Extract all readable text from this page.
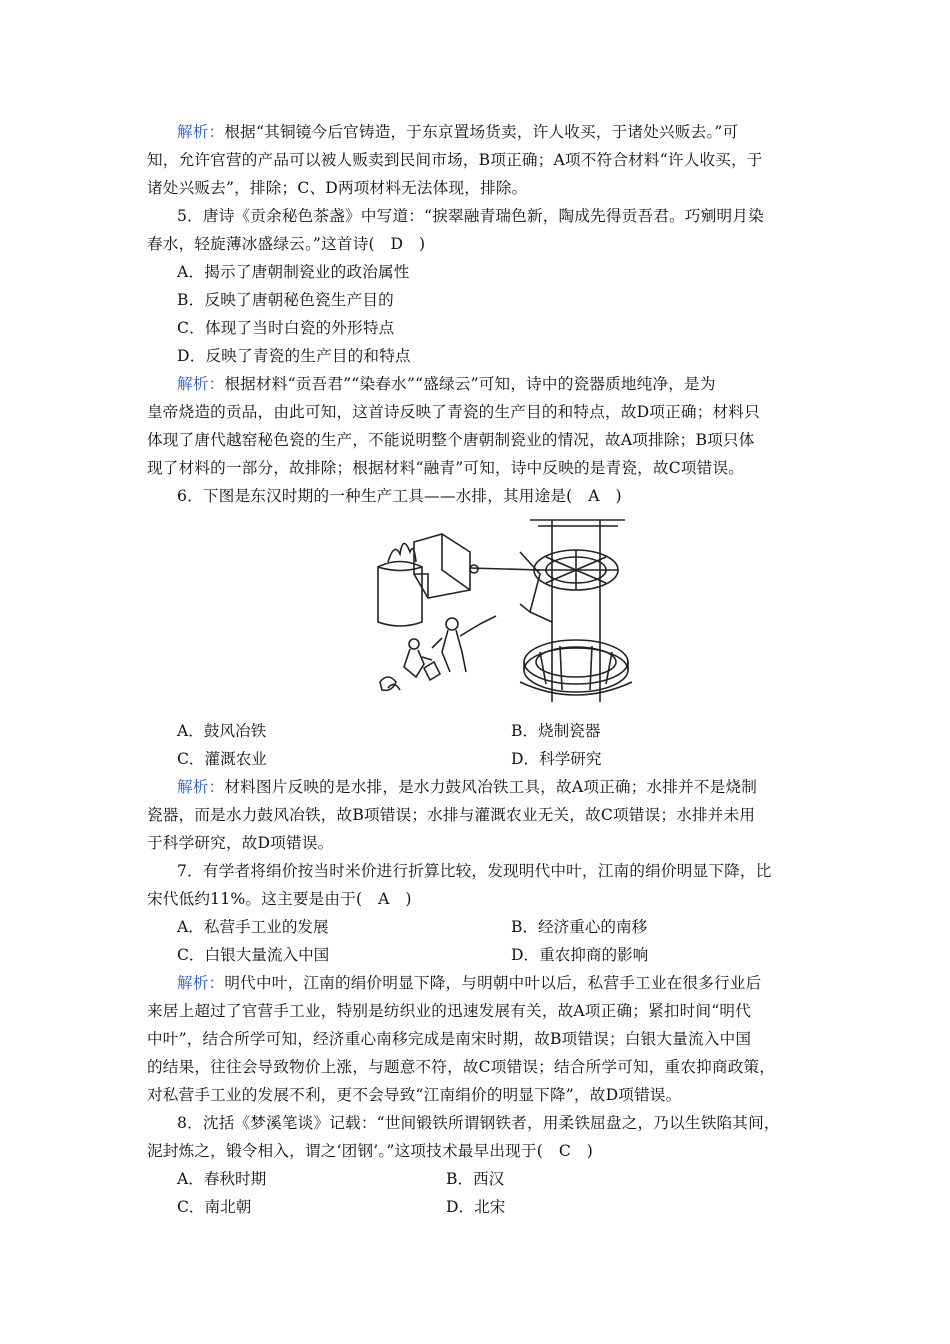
解析：根据“其铜镜今后官铸造，于东京置场货卖，许人收买，于诸处兴贩去。”可
知，允许官营的产品可以被人贩卖到民间市场，B项正确；A项不符合材料“许人收买，于
诸处兴贩去”，排除；C、D两项材料无法体现，排除。
5．唐诗《贡余秘色茶盏》中写道：“捩翠融青瑞色新，陶成先得贡吾君。巧剜明月染
春水，轻旋薄冰盛绿云。”这首诗(　D　)
A．揭示了唐朝制瓷业的政治属性
B．反映了唐朝秘色瓷生产目的
C．体现了当时白瓷的外形特点
D．反映了青瓷的生产目的和特点
解析：根据材料“贡吾君”“染春水”“盛绿云”可知，诗中的瓷器质地纯净，是为
皇帝烧造的贡品，由此可知，这首诗反映了青瓷的生产目的和特点，故D项正确；材料只
体现了唐代越窑秘色瓷的生产，不能说明整个唐朝制瓷业的情况，故A项排除；B项只体
现了材料的一部分，故排除；根据材料“融青”可知，诗中反映的是青瓷，故C项错误。
6．下图是东汉时期的一种生产工具——水排，其用途是(　A　)
A．鼓风冶铁	B．烧制瓷器
C．灌溉农业	D．科学研究
解析：材料图片反映的是水排，是水力鼓风冶铁工具，故A项正确；水排并不是烧制
瓷器，而是水力鼓风冶铁，故B项错误；水排与灌溉农业无关，故C项错误；水排并未用
于科学研究，故D项错误。
7．有学者将绢价按当时米价进行折算比较，发现明代中叶，江南的绢价明显下降，比
宋代低约11%。这主要是由于(　A　)
A．私营手工业的发展	B．经济重心的南移
C．白银大量流入中国	D．重农抑商的影响
解析：明代中叶，江南的绢价明显下降，与明朝中叶以后，私营手工业在很多行业后
来居上超过了官营手工业，特别是纺织业的迅速发展有关，故A项正确；紧扣时间“明代
中叶”，结合所学可知，经济重心南移完成是南宋时期，故B项错误；白银大量流入中国
的结果，往往会导致物价上涨，与题意不符，故C项错误；结合所学可知，重农抑商政策，
对私营手工业的发展不利，更不会导致“江南绢价的明显下降”，故D项错误。
8．沈括《梦溪笔谈》记载：“世间锻铁所谓钢铁者，用柔铁屈盘之，乃以生铁陷其间，
泥封炼之，锻令相入，谓之‘团钢’。”这项技术最早出现于(　C　)
A．春秋时期	B．西汉
C．南北朝	D．北宋
